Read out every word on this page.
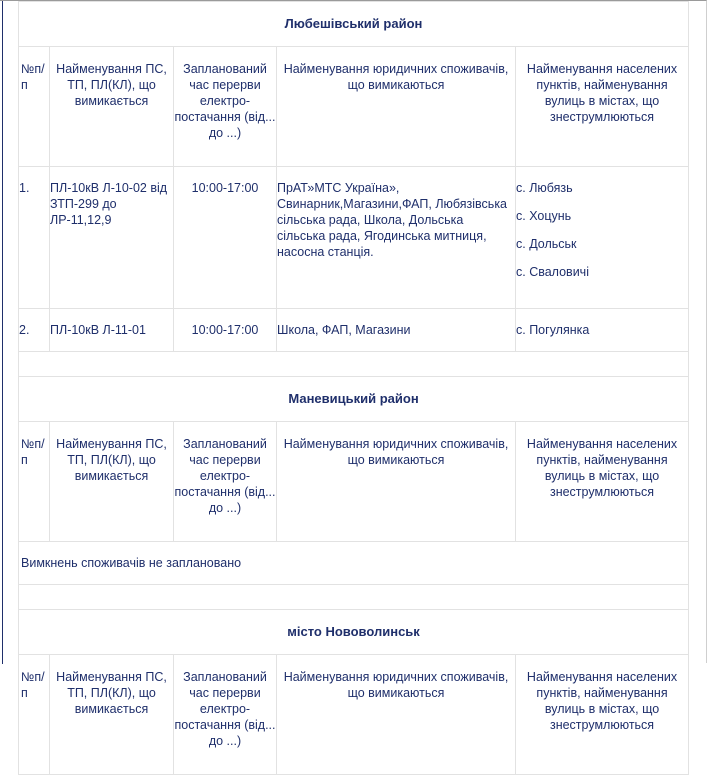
Любешівський район				
№п/п	Найменування ПС, ТП, ПЛ(КЛ), що вимикається	Запланований час перерви електро-постачання (від... до ...)	Найменування юридичних споживачів, що вимикаються	Найменування населених пунктів, найменування вулиць в містах, що знеструмлюються
1.	ПЛ-10кВ Л-10-02 від ЗТП-299 до ЛР-11,12,9	10:00-17:00	ПрАТ»МТС Україна», Свинарник,Магазини,ФАП, Любязівська сільська рада, Школа, Дольська сільська рада, Ягодинська митниця, насосна станція.	с. Любязь
с. Хоцунь
с. Дольськ
с. Сваловичі

2.	ПЛ-10кВ Л-11-01	10:00-17:00	Школа, ФАП, Магазини	с. Погулянка

Маневицький район				
№п/п	Найменування ПС, ТП, ПЛ(КЛ), що вимикається	Запланований час перерви електро-постачання (від... до ...)	Найменування юридичних споживачів, що вимикаються	Найменування населених пунктів, найменування вулиць в містах, що знеструмлюються
Вимкнень споживачів не заплановано				

місто Нововолинськ				
№п/п	Найменування ПС, ТП, ПЛ(КЛ), що вимикається	Запланований час перерви електро-постачання (від... до ...)	Найменування юридичних споживачів, що вимикаються	Найменування населених пунктів, найменування вулиць в містах, що знеструмлюються
